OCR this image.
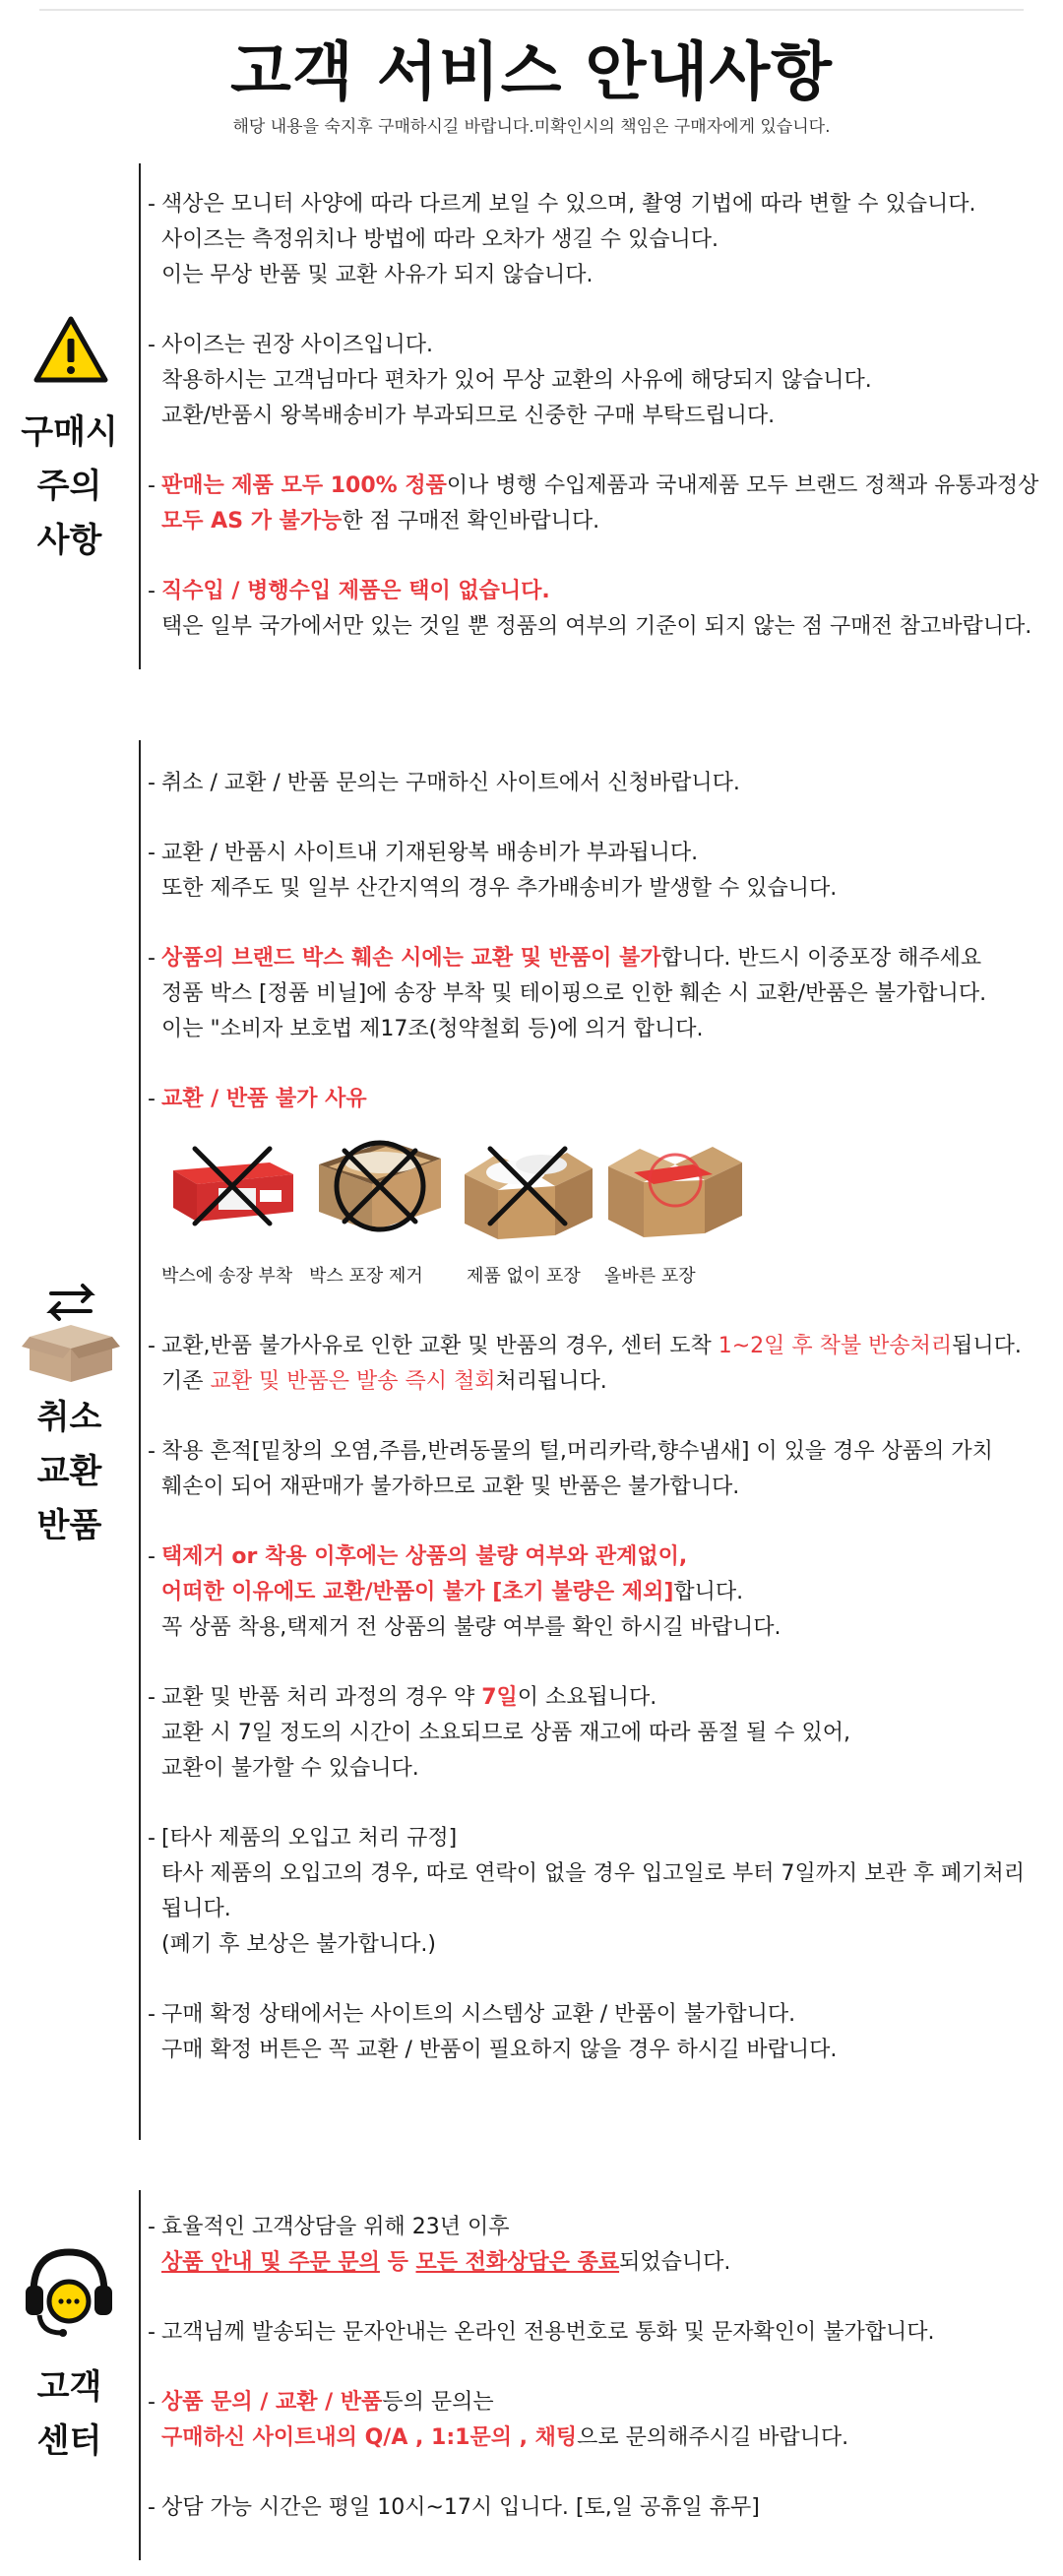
고객 서비스 안내사항
해당 내용을 숙지후 구매하시길 바랍니다.미확인시의 책임은 구매자에게 있습니다.
구매시
주의
사항
- 색상은 모니터 사양에 따라 다르게 보일 수 있으며, 촬영 기법에 따라 변할 수 있습니다.
사이즈는 측정위치나 방법에 따라 오차가 생길 수 있습니다.
이는 무상 반품 및 교환 사유가 되지 않습니다.
- 사이즈는 권장 사이즈입니다.
착용하시는 고객님마다 편차가 있어 무상 교환의 사유에 해당되지 않습니다.
교환/반품시 왕복배송비가 부과되므로 신중한 구매 부탁드립니다.
- 판매는 제품 모두 100% 정품이나 병행 수입제품과 국내제품 모두 브랜드 정책과 유통과정상
모두 AS 가 불가능한 점 구매전 확인바랍니다.
- 직수입 / 병행수입 제품은 택이 없습니다.
택은 일부 국가에서만 있는 것일 뿐 정품의 여부의 기준이 되지 않는 점 구매전 참고바랍니다.
취소
교환
반품
- 취소 / 교환 / 반품 문의는 구매하신 사이트에서 신청바랍니다.
- 교환 / 반품시 사이트내 기재된왕복 배송비가 부과됩니다.
또한 제주도 및 일부 산간지역의 경우 추가배송비가 발생할 수 있습니다.
- 상품의 브랜드 박스 훼손 시에는 교환 및 반품이 불가합니다. 반드시 이중포장 해주세요
정품 박스 [정품 비닐]에 송장 부착 및 테이핑으로 인한 훼손 시 교환/반품은 불가합니다.
이는 "소비자 보호법 제17조(청약철회 등)에 의거 합니다.
- 교환 / 반품 불가 사유
박스에 송장 부착 박스 포장 제거	제품 없이 포장	올바른 포장
- 교환,반품 불가사유로 인한 교환 및 반품의 경우, 센터 도착 1~2일 후 착불 반송처리됩니다.
기존 교환 및 반품은 발송 즉시 철회처리됩니다.
- 착용 흔적[밑창의 오염,주름,반려동물의 털,머리카락,향수냄새] 이 있을 경우 상품의 가치
훼손이 되어 재판매가 불가하므로 교환 및 반품은 불가합니다.
- 택제거 or 착용 이후에는 상품의 불량 여부와 관계없이,
어떠한 이유에도 교환/반품이 불가 [초기 불량은 제외]합니다.
꼭 상품 착용,택제거 전 상품의 불량 여부를 확인 하시길 바랍니다.
- 교환 및 반품 처리 과정의 경우 약 7일이 소요됩니다.
교환 시 7일 정도의 시간이 소요되므로 상품 재고에 따라 품절 될 수 있어,
교환이 불가할 수 있습니다.
- [타사 제품의 오입고 처리 규정]
타사 제품의 오입고의 경우, 따로 연락이 없을 경우 입고일로 부터 7일까지 보관 후 폐기처리
됩니다.
(폐기 후 보상은 불가합니다.)
- 구매 확정 상태에서는 사이트의 시스템상 교환 / 반품이 불가합니다.
구매 확정 버튼은 꼭 교환 / 반품이 필요하지 않을 경우 하시길 바랍니다.
고객
센터
- 효율적인 고객상담을 위해 23년 이후
상품 안내 및 주문 문의 등 모든 전화상담은 종료되었습니다.
- 고객님께 발송되는 문자안내는 온라인 전용번호로 통화 및 문자확인이 불가합니다.
- 상품 문의 / 교환 / 반품등의 문의는
구매하신 사이트내의 Q/A , 1:1문의 , 채팅으로 문의해주시길 바랍니다.
- 상담 가능 시간은 평일 10시~17시 입니다. [토,일 공휴일 휴무]
